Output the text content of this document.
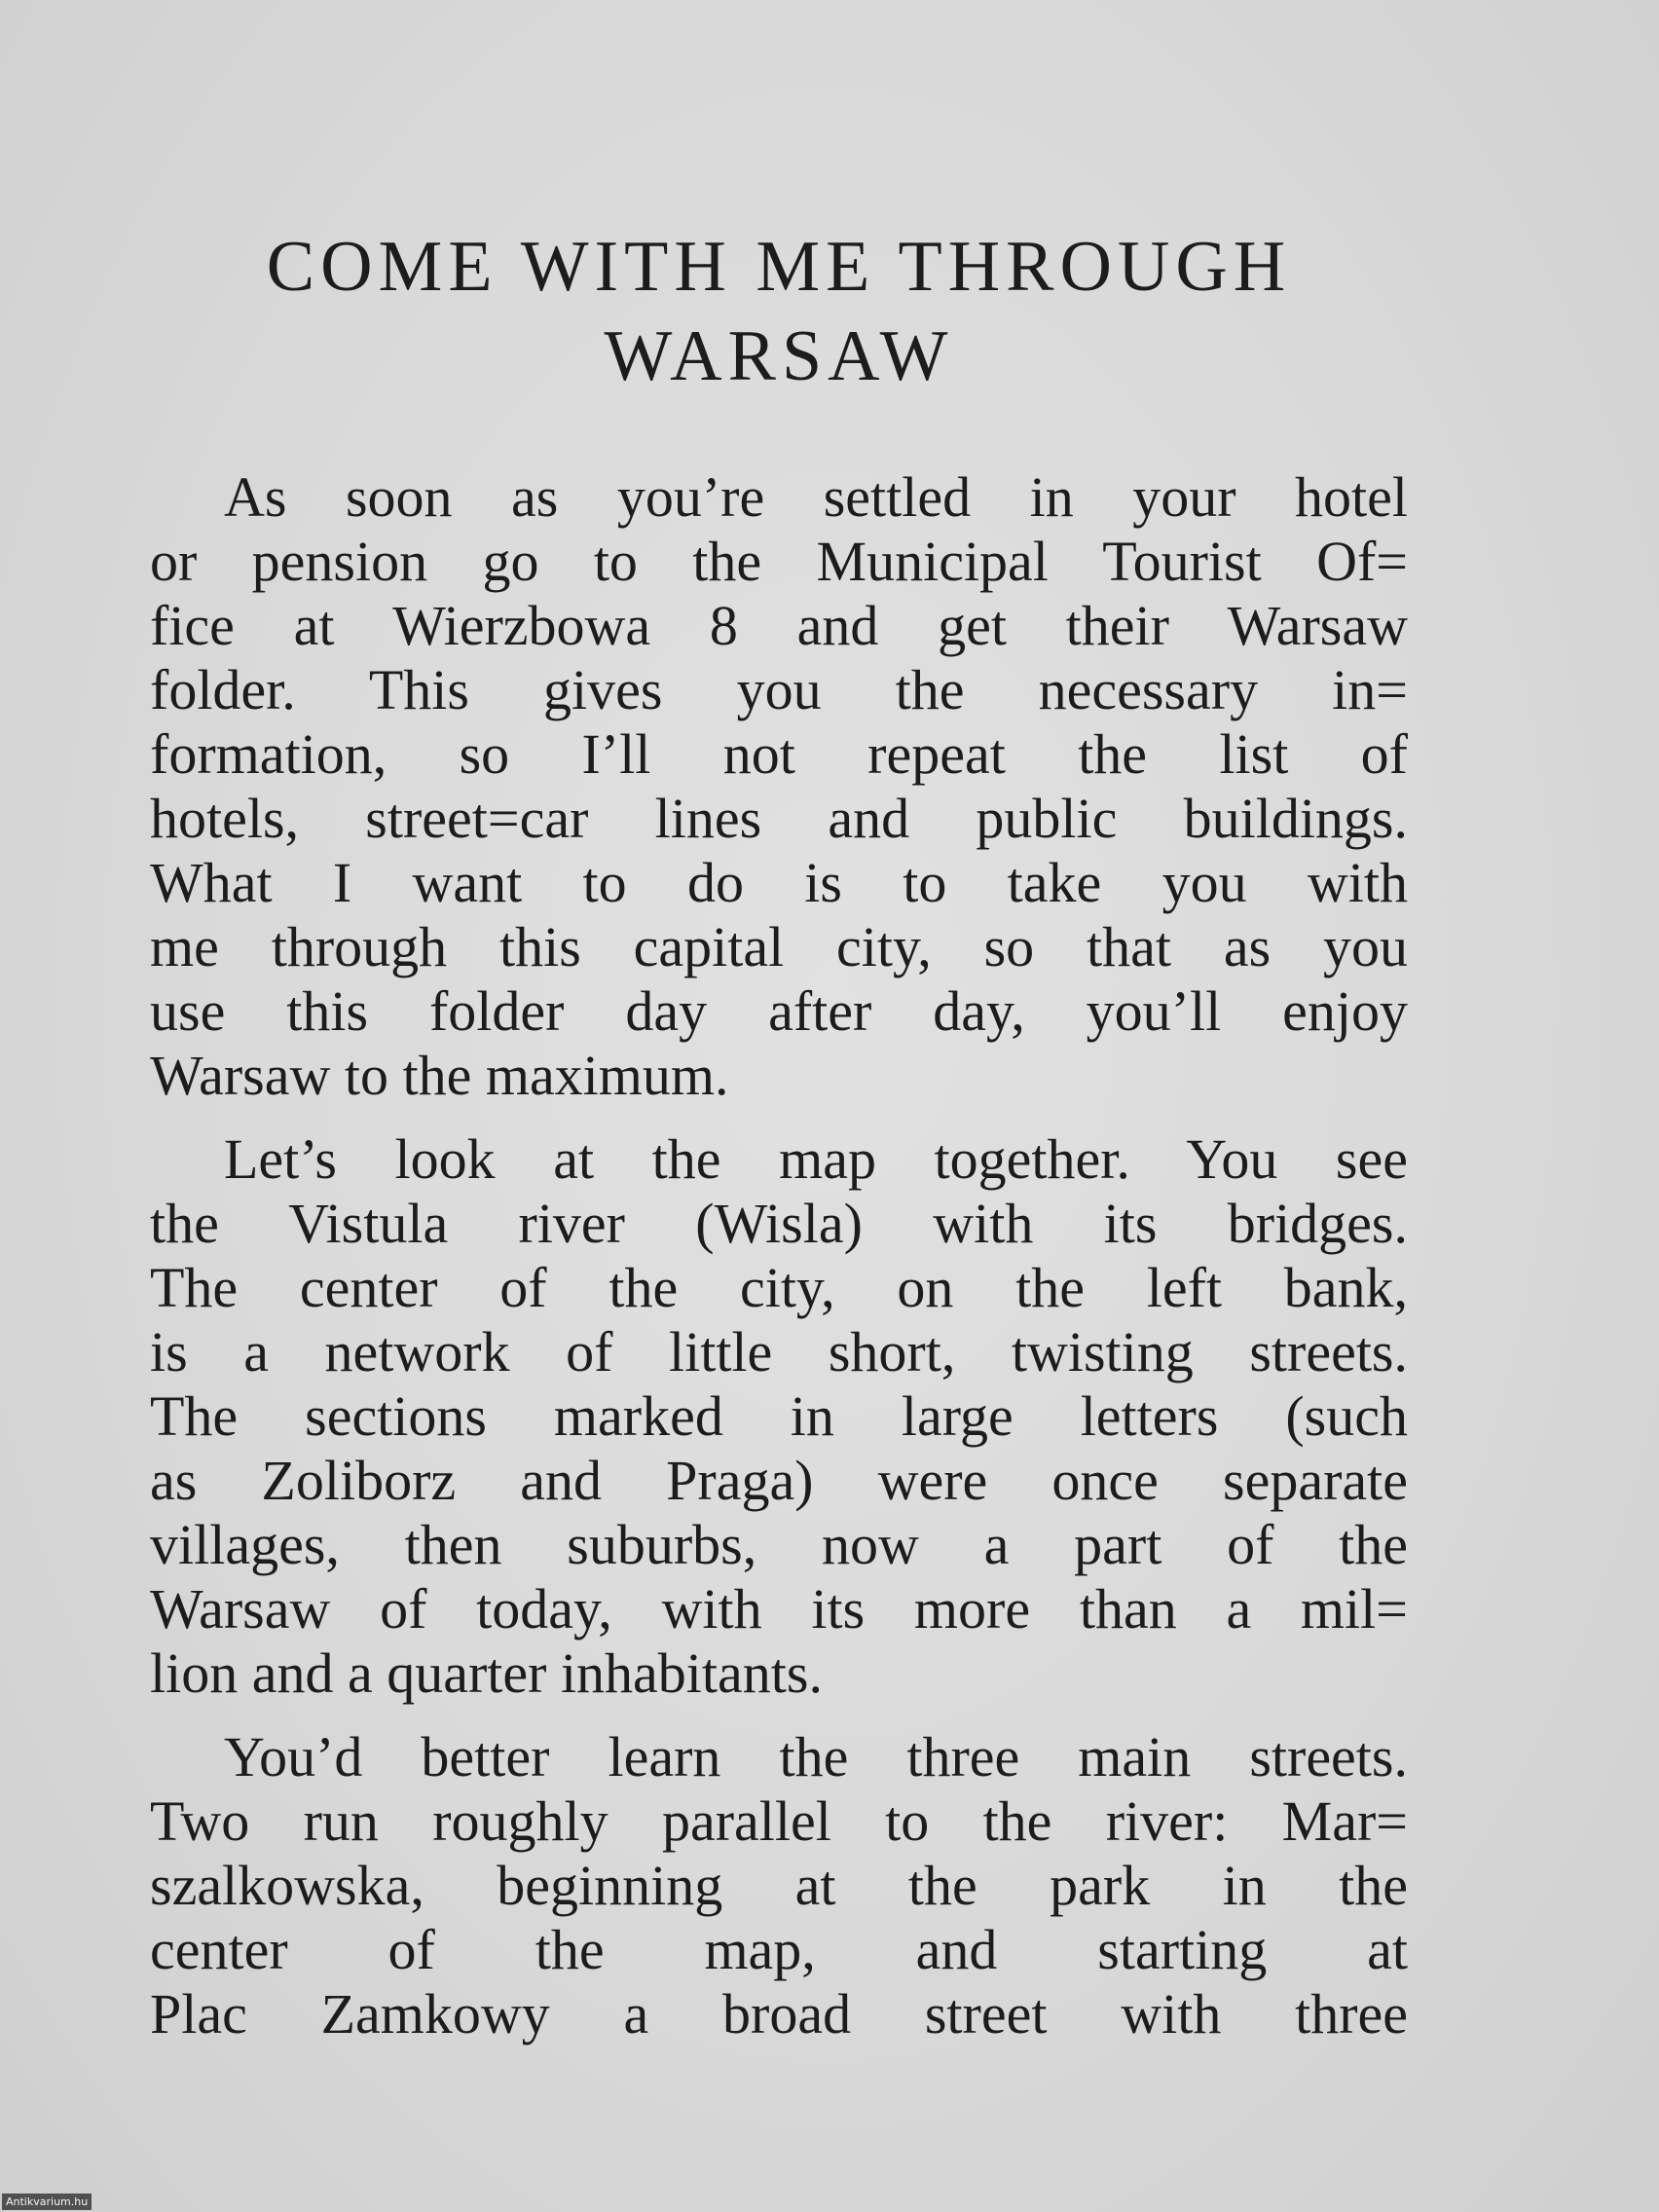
COME WITH ME THROUGH
WARSAW
As soon as you’re settled in your hotel
or pension go to the Municipal Tourist Of=
fice at Wierzbowa 8 and get their Warsaw
folder. This gives you the necessary in=
formation, so I’ll not repeat the list of
hotels, street=car lines and public buildings.
What I want to do is to take you with
me through this capital city, so that as you
use this folder day after day, you’ll enjoy
Warsaw to the maximum.
Let’s look at the map together. You see
the Vistula river (Wisla) with its bridges.
The center of the city, on the left bank,
is a network of little short, twisting streets.
The sections marked in large letters (such
as Zoliborz and Praga) were once separate
villages, then suburbs, now a part of the
Warsaw of today, with its more than a mil=
lion and a quarter inhabitants.
You’d better learn the three main streets.
Two run roughly parallel to the river: Mar=
szalkowska, beginning at the park in the
center of the map, and starting at
Plac Zamkowy a broad street with three
Antikvarium.hu
